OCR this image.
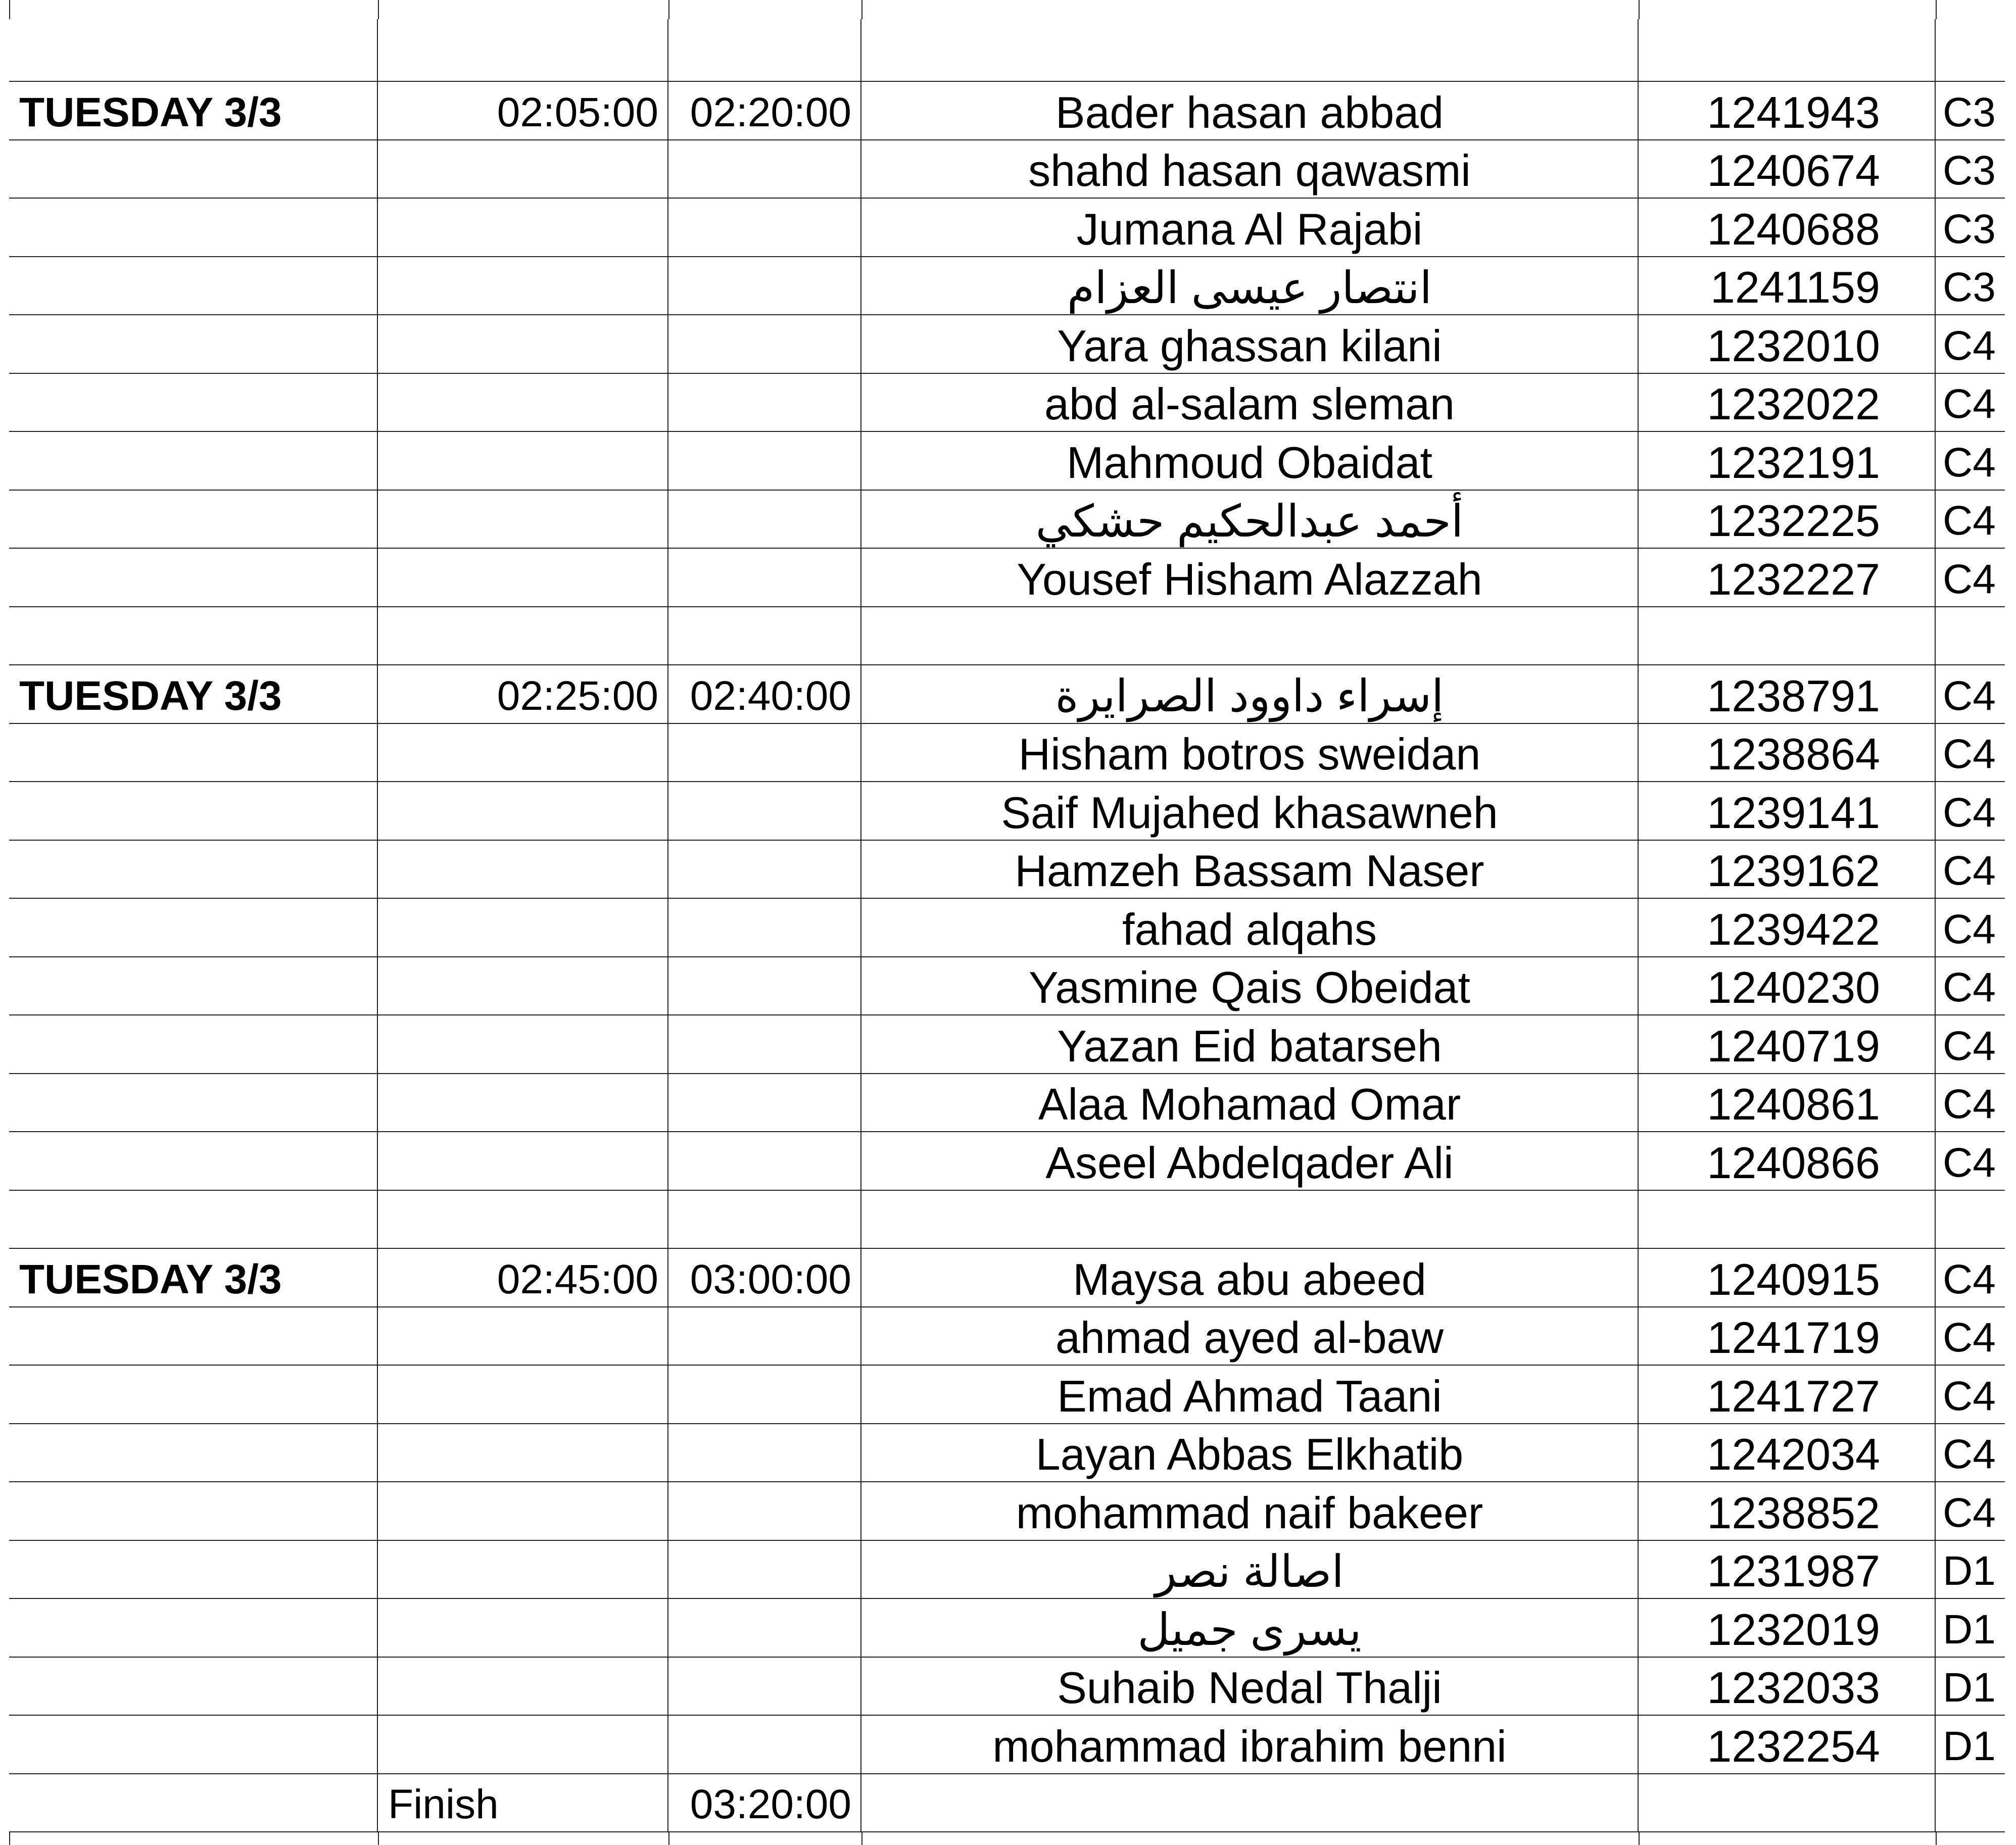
TUESDAY 3/3	02:05:00 02:20:00	Bader hasan abbad	1241943	C3
shahd hasan qawasmi	1240674	C3
Jumana Al Rajabi	1240688	C3
انتصار عيسى العزام	1241159	C3
Yara ghassan kilani	1232010	C4
abd al-salam sleman	1232022	C4
Mahmoud Obaidat	1232191	C4
أحمد عبدالحكيم حشكي	1232225	C4
Yousef Hisham Alazzah	1232227	C4
TUESDAY 3/3	02:25:00 02:40:00	إسراء داوود الصرايرة	1238791	C4
Hisham botros sweidan	1238864	C4
Saif Mujahed khasawneh	1239141	C4
Hamzeh Bassam Naser	1239162	C4
fahad alqahs	1239422	C4
Yasmine Qais Obeidat	1240230	C4
Yazan Eid batarseh	1240719	C4
Alaa Mohamad Omar	1240861	C4
Aseel Abdelqader Ali	1240866	C4
TUESDAY 3/3	02:45:00 03:00:00	Maysa abu abeed	1240915	C4
ahmad ayed al-baw	1241719	C4
Emad Ahmad Taani	1241727	C4
Layan Abbas Elkhatib	1242034	C4
mohammad naif bakeer	1238852	C4
اصالة نصر	1231987	D1
يسرى جميل	1232019	D1
Suhaib Nedal Thalji	1232033	D1
mohammad ibrahim benni	1232254	D1
Finish	03:20:00
